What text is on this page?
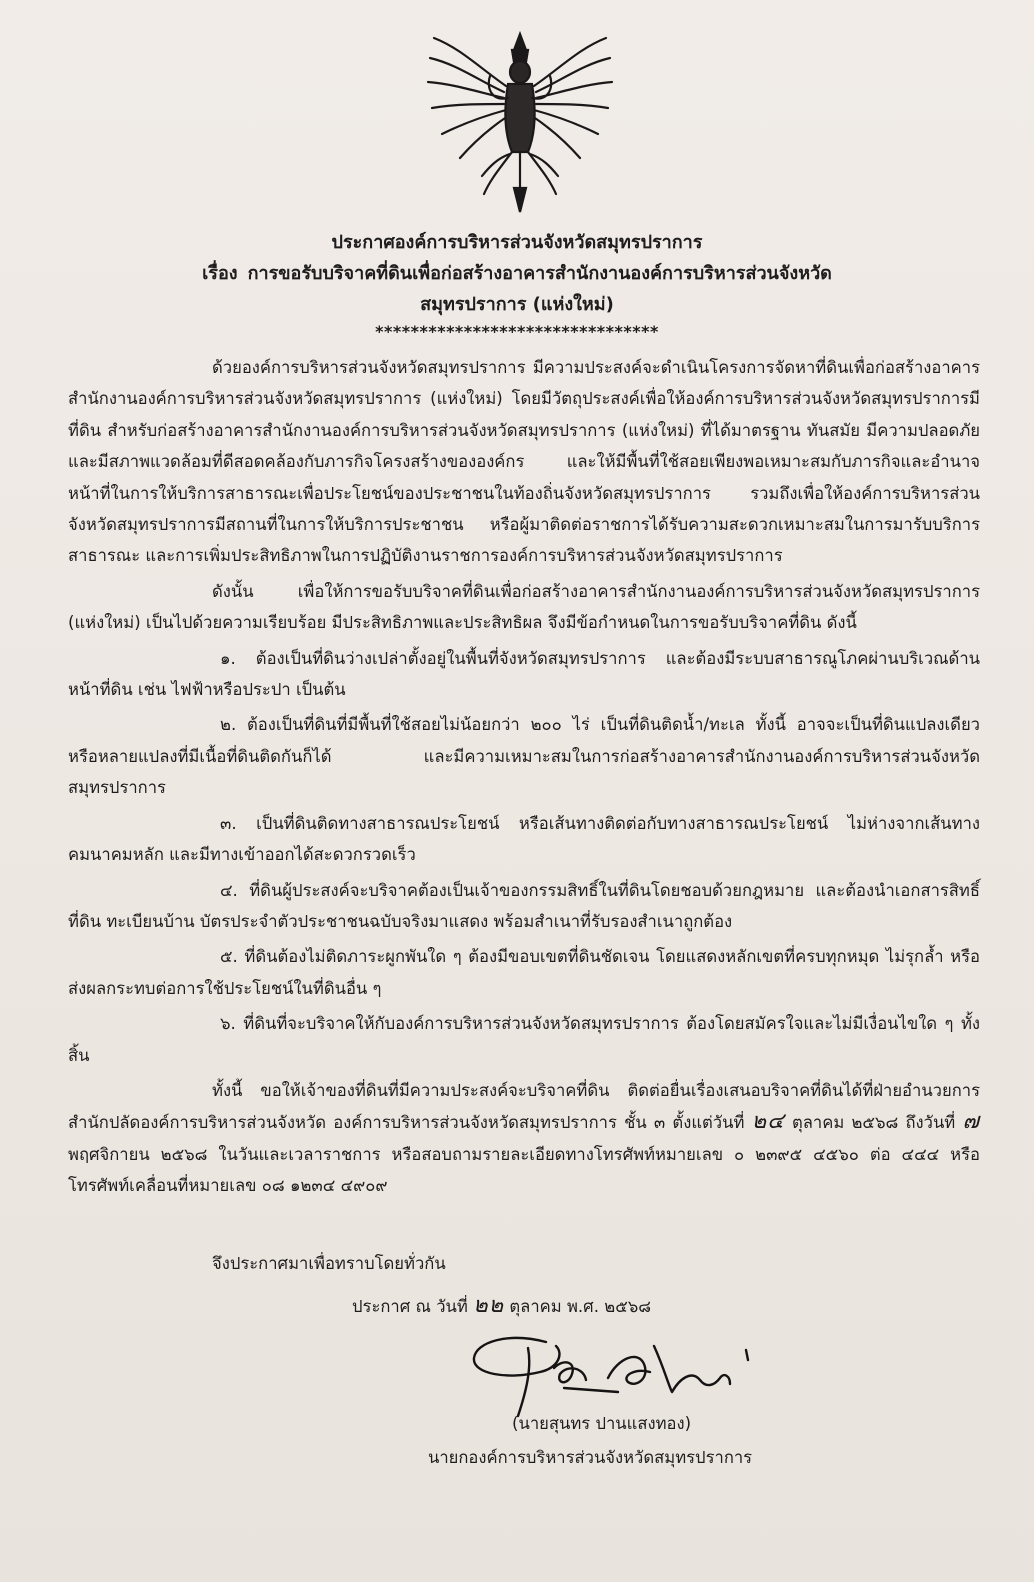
ประกาศองค์การบริหารส่วนจังหวัดสมุทรปราการ
เรื่อง การขอรับบริจาคที่ดินเพื่อก่อสร้างอาคารสำนักงานองค์การบริหารส่วนจังหวัด
สมุทรปราการ (แห่งใหม่)
********************************

ด้วยองค์การบริหารส่วนจังหวัดสมุทรปราการ มีความประสงค์จะดำเนินโครงการจัดหาที่ดินเพื่อก่อสร้างอาคารสำนักงานองค์การบริหารส่วนจังหวัดสมุทรปราการ (แห่งใหม่) โดยมีวัตถุประสงค์เพื่อให้องค์การบริหารส่วนจังหวัดสมุทรปราการมีที่ดิน สำหรับก่อสร้างอาคารสำนักงานองค์การบริหารส่วนจังหวัดสมุทรปราการ (แห่งใหม่) ที่ได้มาตรฐาน ทันสมัย มีความปลอดภัยและมีสภาพแวดล้อมที่ดีสอดคล้องกับภารกิจโครงสร้างขององค์กร และให้มีพื้นที่ใช้สอยเพียงพอเหมาะสมกับภารกิจและอำนาจหน้าที่ในการให้บริการสาธารณะเพื่อประโยชน์ของประชาชนในท้องถิ่นจังหวัดสมุทรปราการ รวมถึงเพื่อให้องค์การบริหารส่วนจังหวัดสมุทรปราการมีสถานที่ในการให้บริการประชาชน หรือผู้มาติดต่อราชการได้รับความสะดวกเหมาะสมในการมารับบริการสาธารณะ และการเพิ่มประสิทธิภาพในการปฏิบัติงานราชการองค์การบริหารส่วนจังหวัดสมุทรปราการ

ดังนั้น เพื่อให้การขอรับบริจาคที่ดินเพื่อก่อสร้างอาคารสำนักงานองค์การบริหารส่วนจังหวัดสมุทรปราการ (แห่งใหม่) เป็นไปด้วยความเรียบร้อย มีประสิทธิภาพและประสิทธิผล จึงมีข้อกำหนดในการขอรับบริจาคที่ดิน ดังนี้

๑. ต้องเป็นที่ดินว่างเปล่าตั้งอยู่ในพื้นที่จังหวัดสมุทรปราการ และต้องมีระบบสาธารณูโภคผ่านบริเวณด้านหน้าที่ดิน เช่น ไฟฟ้าหรือประปา เป็นต้น

๒. ต้องเป็นที่ดินที่มีพื้นที่ใช้สอยไม่น้อยกว่า ๒๐๐ ไร่ เป็นที่ดินติดน้ำ/ทะเล ทั้งนี้ อาจจะเป็นที่ดินแปลงเดียว หรือหลายแปลงที่มีเนื้อที่ดินติดกันก็ได้ และมีความเหมาะสมในการก่อสร้างอาคารสำนักงานองค์การบริหารส่วนจังหวัดสมุทรปราการ

๓. เป็นที่ดินติดทางสาธารณประโยชน์ หรือเส้นทางติดต่อกับทางสาธารณประโยชน์ ไม่ห่างจากเส้นทางคมนาคมหลัก และมีทางเข้าออกได้สะดวกรวดเร็ว

๔. ที่ดินผู้ประสงค์จะบริจาคต้องเป็นเจ้าของกรรมสิทธิ์ในที่ดินโดยชอบด้วยกฎหมาย และต้องนำเอกสารสิทธิ์ที่ดิน ทะเบียนบ้าน บัตรประจำตัวประชาชนฉบับจริงมาแสดง พร้อมสำเนาที่รับรองสำเนาถูกต้อง

๕. ที่ดินต้องไม่ติดภาระผูกพันใด ๆ ต้องมีขอบเขตที่ดินชัดเจน โดยแสดงหลักเขตที่ครบทุกหมุด ไม่รุกล้ำ หรือส่งผลกระทบต่อการใช้ประโยชน์ในที่ดินอื่น ๆ

๖. ที่ดินที่จะบริจาคให้กับองค์การบริหารส่วนจังหวัดสมุทรปราการ ต้องโดยสมัครใจและไม่มีเงื่อนไขใด ๆ ทั้งสิ้น

ทั้งนี้ ขอให้เจ้าของที่ดินที่มีความประสงค์จะบริจาคที่ดิน ติดต่อยื่นเรื่องเสนอบริจาคที่ดินได้ที่ฝ่ายอำนวยการ สำนักปลัดองค์การบริหารส่วนจังหวัด องค์การบริหารส่วนจังหวัดสมุทรปราการ ชั้น ๓ ตั้งแต่วันที่ ๒๔ ตุลาคม ๒๕๖๘ ถึงวันที่ ๗ พฤศจิกายน ๒๕๖๘ ในวันและเวลาราชการ หรือสอบถามรายละเอียดทางโทรศัพท์หมายเลข ๐ ๒๓๙๕ ๔๕๖๐ ต่อ ๔๔๔ หรือโทรศัพท์เคลื่อนที่หมายเลข ๐๘ ๑๒๓๔ ๔๙๐๙

จึงประกาศมาเพื่อทราบโดยทั่วกัน
ประกาศ ณ วันที่ ๒๒ ตุลาคม พ.ศ. ๒๕๖๘
(นายสุนทร ปานแสงทอง)
นายกองค์การบริหารส่วนจังหวัดสมุทรปราการ
